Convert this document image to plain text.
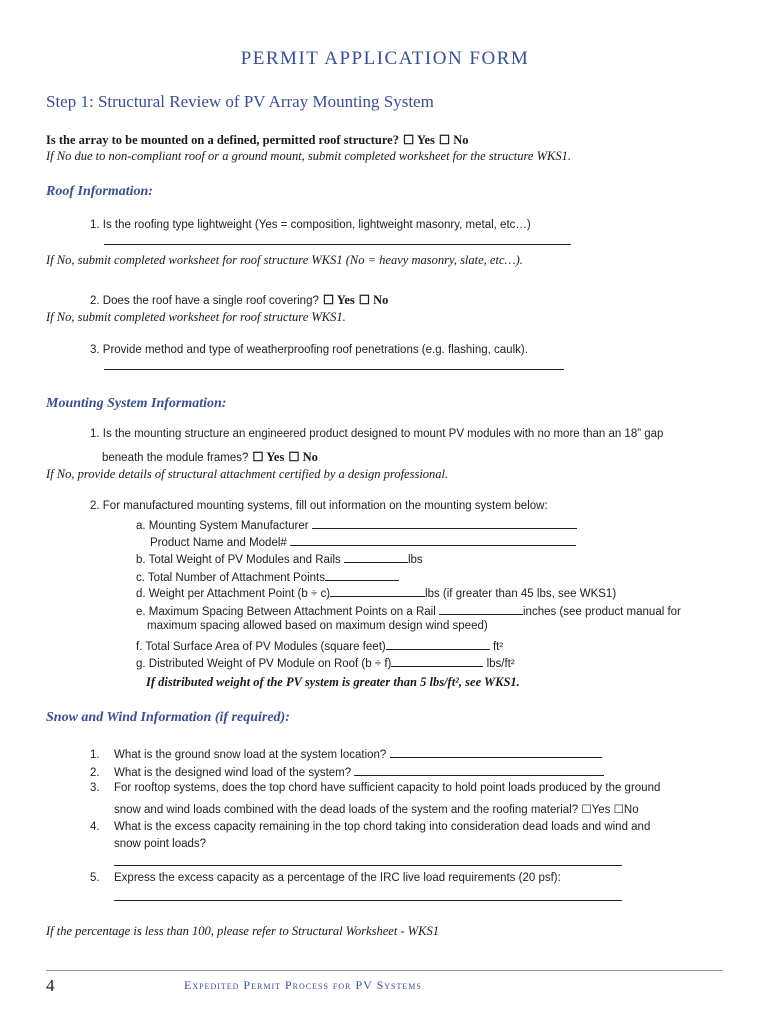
PERMIT APPLICATION FORM
Step 1: Structural Review of PV Array Mounting System
Is the array to be mounted on a defined, permitted roof structure? ☐ Yes ☐ No
If No due to non-compliant roof or a ground mount, submit completed worksheet for the structure WKS1.
Roof Information:
1. Is the roofing type lightweight (Yes = composition, lightweight masonry, metal, etc…)
If No, submit completed worksheet for roof structure WKS1 (No = heavy masonry, slate, etc…).
2. Does the roof have a single roof covering? ☐ Yes ☐ No
If No, submit completed worksheet for roof structure WKS1.
3. Provide method and type of weatherproofing roof penetrations (e.g. flashing, caulk).
Mounting System Information:
1. Is the mounting structure an engineered product designed to mount PV modules with no more than an 18” gap
beneath the module frames? ☐ Yes ☐ No
If No, provide details of structural attachment certified by a design professional.
2. For manufactured mounting systems, fill out information on the mounting system below:
a. Mounting System Manufacturer
Product Name and Model#
b. Total Weight of PV Modules and Rails	lbs
c. Total Number of Attachment Points
d. Weight per Attachment Point (b ÷ c)	lbs (if greater than 45 lbs, see WKS1)
e. Maximum Spacing Between Attachment Points on a Rail	inches (see product manual for
maximum spacing allowed based on maximum design wind speed)
f. Total Surface Area of PV Modules (square feet)	ft²
g. Distributed Weight of PV Module on Roof (b ÷ f)	lbs/ft²
If distributed weight of the PV system is greater than 5 lbs/ft², see WKS1.
Snow and Wind Information (if required):
1. What is the ground snow load at the system location?
2. What is the designed wind load of the system?
3. For rooftop systems, does the top chord have sufficient capacity to hold point loads produced by the ground
snow and wind loads combined with the dead loads of the system and the roofing material? ☐Yes ☐No
4. What is the excess capacity remaining in the top chord taking into consideration dead loads and wind and
snow point loads?
5. Express the excess capacity as a percentage of the IRC live load requirements (20 psf):
If the percentage is less than 100, please refer to Structural Worksheet - WKS1
4	Expedited Permit Process for PV Systems
